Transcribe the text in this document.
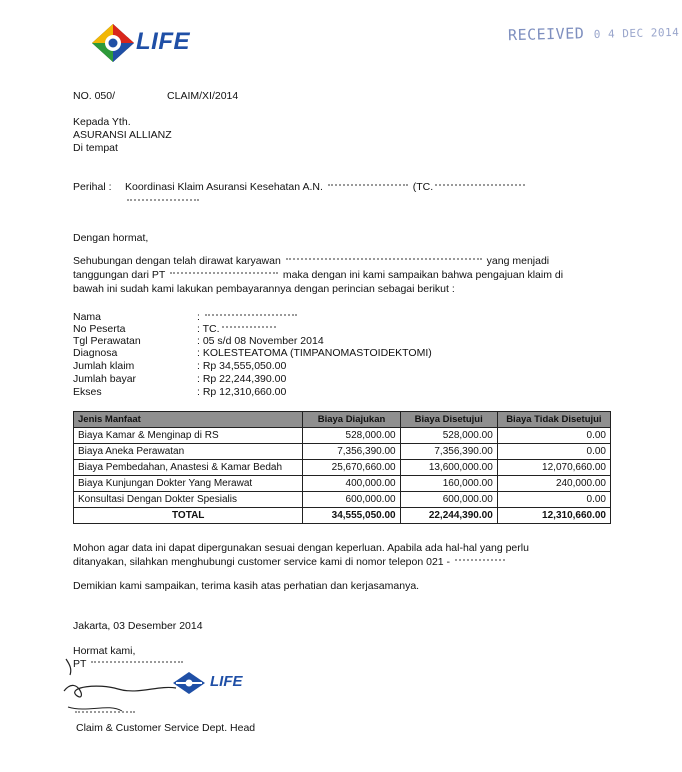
LIFE	RECEIVED 0 4 DEC 2014
NO. 050/	CLAIM/XI/2014
Kepada Yth.
ASURANSI ALLIANZ
Di tempat
Perihal : Koordinasi Klaim Asuransi Kesehatan A.N.	(TC.
Dengan hormat,
Sehubungan dengan telah dirawat karyawan	yang menjadi
tanggungan dari PT	maka dengan ini kami sampaikan bahwa pengajuan klaim di
bawah ini sudah kami lakukan pembayarannya dengan perincian sebagai berikut :
Nama	:
No Peserta	: TC.
Tgl Perawatan	: 05 s/d 08 November 2014
Diagnosa	: KOLESTEATOMA (TIMPANOMASTOIDEKTOMI)
Jumlah klaim	: Rp 34,555,050.00
Jumlah bayar	: Rp 22,244,390.00
Ekses	: Rp 12,310,660.00
Jenis Manfaat	Biaya Diajukan	Biaya Disetujui	Biaya Tidak Disetujui
Biaya Kamar & Menginap di RS	528,000.00	528,000.00	0.00
Biaya Aneka Perawatan	7,356,390.00	7,356,390.00	0.00
Biaya Pembedahan, Anastesi & Kamar Bedah	25,670,660.00	13,600,000.00	12,070,660.00
Biaya Kunjungan Dokter Yang Merawat	400,000.00	160,000.00	240,000.00
Konsultasi Dengan Dokter Spesialis	600,000.00	600,000.00	0.00
TOTAL	34,555,050.00	22,244,390.00	12,310,660.00
Mohon agar data ini dapat dipergunakan sesuai dengan keperluan. Apabila ada hal-hal yang perlu
ditanyakan, silahkan menghubungi customer service kami di nomor telepon 021 -
Demikian kami sampaikan, terima kasih atas perhatian dan kerjasamanya.
Jakarta, 03 Desember 2014
Hormat kami,
PT
LIFE
Claim & Customer Service Dept. Head
